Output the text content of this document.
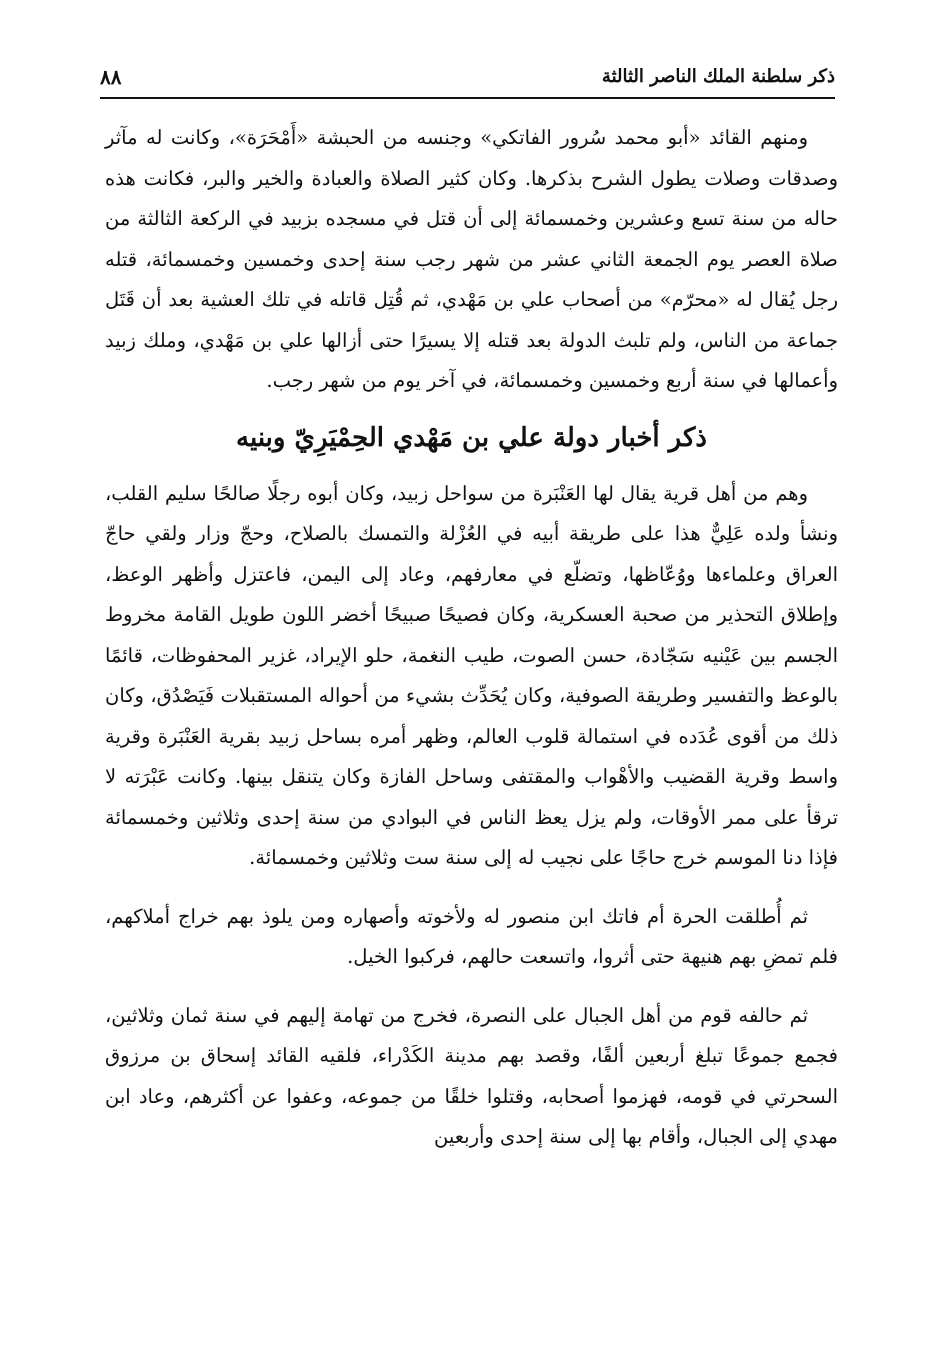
ذكر سلطنة الملك الناصر الثالثة
٨٨

ومنهم القائد «أبو محمد سُرور الفاتكي» وجنسه من الحبشة «أَمْحَرَة»، وكانت له مآثر وصدقات وصلات يطول الشرح بذكرها. وكان كثير الصلاة والعبادة والخير والبر، فكانت هذه حاله من سنة تسع وعشرين وخمسمائة إلى أن قتل في مسجده بزبيد في الركعة الثالثة من صلاة العصر يوم الجمعة الثاني عشر من شهر رجب سنة إحدى وخمسين وخمسمائة، قتله رجل يُقال له «محرّم» من أصحاب علي بن مَهْدي، ثم قُتِل قاتله في تلك العشية بعد أن قَتَل جماعة من الناس، ولم تلبث الدولة بعد قتله إلا يسيرًا حتى أزالها علي بن مَهْدي، وملك زبيد وأعمالها في سنة أربع وخمسين وخمسمائة، في آخر يوم من شهر رجب.

ذكر أخبار دولة علي بن مَهْدي الحِمْيَرِيّ وبنيه

وهم من أهل قرية يقال لها العَنْبَرة من سواحل زبيد، وكان أبوه رجلًا صالحًا سليم القلب، ونشأ ولده عَلِيٌّ هذا على طريقة أبيه في العُزْلة والتمسك بالصلاح، وحجّ وزار ولقي حاجّ العراق وعلماءها ووُعّاظها، وتضلّع في معارفهم، وعاد إلى اليمن، فاعتزل وأظهر الوعظ، وإطلاق التحذير من صحبة العسكرية، وكان فصيحًا صبيحًا أخضر اللون طويل القامة مخروط الجسم بين عَيْنيه سَجّادة، حسن الصوت، طيب النغمة، حلو الإيراد، غزير المحفوظات، قائمًا بالوعظ والتفسير وطريقة الصوفية، وكان يُحَدِّث بشيء من أحواله المستقبلات فَيَصْدُق، وكان ذلك من أقوى عُدَده في استمالة قلوب العالم، وظهر أمره بساحل زبيد بقرية العَنْبَرة وقرية واسط وقرية القضيب والأهْواب والمقتفى وساحل الفازة وكان يتنقل بينها. وكانت عَبْرَته لا ترقأ على ممر الأوقات، ولم يزل يعظ الناس في البوادي من سنة إحدى وثلاثين وخمسمائة فإذا دنا الموسم خرج حاجًا على نجيب له إلى سنة ست وثلاثين وخمسمائة.

ثم أُطلقت الحرة أم فاتك ابن منصور له ولأخوته وأصهاره ومن يلوذ بهم خراج أملاكهم، فلم تمضِ بهم هنيهة حتى أثروا، واتسعت حالهم، فركبوا الخيل.

ثم حالفه قوم من أهل الجبال على النصرة، فخرج من تهامة إليهم في سنة ثمان وثلاثين، فجمع جموعًا تبلغ أربعين ألفًا، وقصد بهم مدينة الكَدْراء، فلقيه القائد إسحاق بن مرزوق السحرتي في قومه، فهزموا أصحابه، وقتلوا خلقًا من جموعه، وعفوا عن أكثرهم، وعاد ابن مهدي إلى الجبال، وأقام بها إلى سنة إحدى وأربعين
